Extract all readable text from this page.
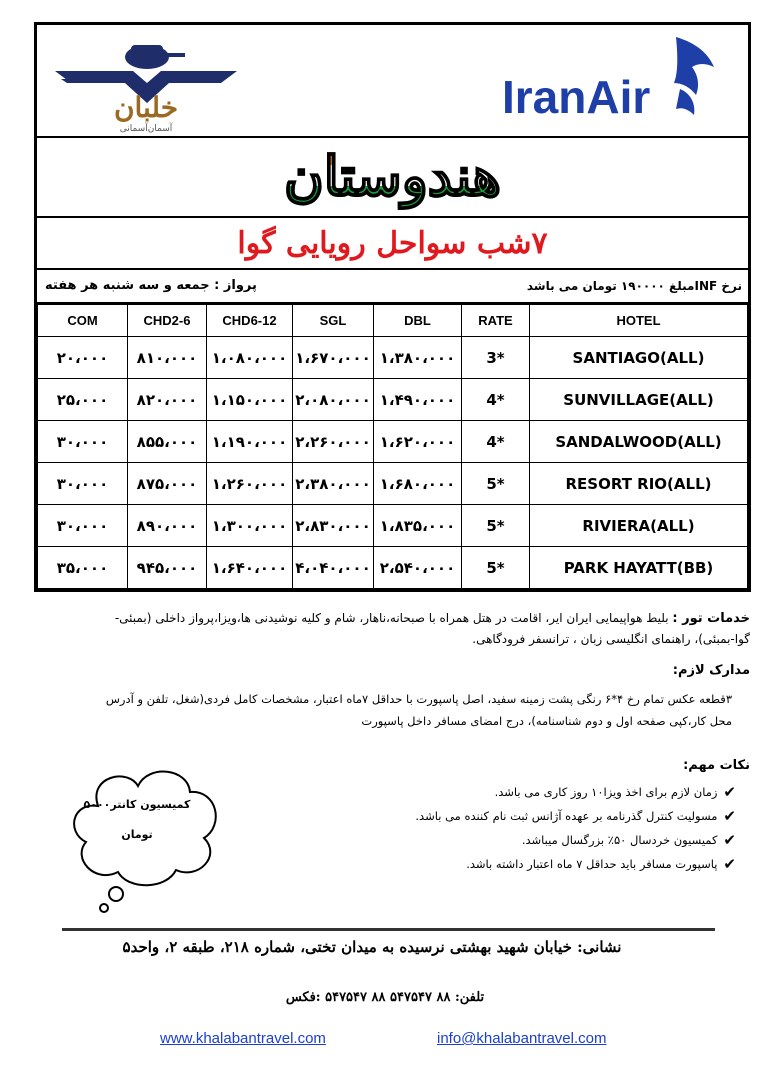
خلبان
آسمان‌آسمانی
IranAir
هندوستان
۷شب سواحل رویایی گوا
نرخ INFمبلغ ۱۹۰۰۰۰ تومان می باشد
پرواز : جمعه و سه شنبه هر هفته
COM	CHD2-6	CHD6-12	SGL	DBL	RATE	HOTEL
۲۰،۰۰۰	۸۱۰،۰۰۰	۱،۰۸۰،۰۰۰	۱،۶۷۰،۰۰۰	۱،۳۸۰،۰۰۰	3*	SANTIAGO(ALL)
۲۵،۰۰۰	۸۲۰،۰۰۰	۱،۱۵۰،۰۰۰	۲،۰۸۰،۰۰۰	۱،۴۹۰،۰۰۰	4*	SUNVILLAGE(ALL)
۳۰،۰۰۰	۸۵۵،۰۰۰	۱،۱۹۰،۰۰۰	۲،۲۶۰،۰۰۰	۱،۶۲۰،۰۰۰	4*	SANDALWOOD(ALL)
۳۰،۰۰۰	۸۷۵،۰۰۰	۱،۲۶۰،۰۰۰	۲،۳۸۰،۰۰۰	۱،۶۸۰،۰۰۰	5*	RESORT RIO(ALL)
۳۰،۰۰۰	۸۹۰،۰۰۰	۱،۳۰۰،۰۰۰	۲،۸۳۰،۰۰۰	۱،۸۳۵،۰۰۰	5*	RIVIERA(ALL)
۳۵،۰۰۰	۹۴۵،۰۰۰	۱،۶۴۰،۰۰۰	۴،۰۴۰،۰۰۰	۲،۵۴۰،۰۰۰	5*	PARK HAYATT(BB)
خدمات تور : بلیط هواپیمایی ایران ایر، اقامت در هتل همراه با صبحانه،ناهار، شام و کلیه نوشیدنی ها،ویزا،پرواز داخلی (بمبئی- گوا-بمبئی)، راهنمای انگلیسی زبان ، ترانسفر فرودگاهی.
مدارک لازم:
۳قطعه عکس تمام رخ ۴*۶ رنگی پشت زمینه سفید، اصل پاسپورت با حداقل ۷ماه اعتبار، مشخصات کامل فردی(شغل، تلفن و آدرس محل کار،کپی صفحه اول و دوم شناسنامه)، درج امضای مسافر داخل پاسپورت
نکات مهم:
✔
زمان لازم برای اخذ ویزا۱۰ روز کاری می باشد.
✔
مسولیت کنترل گذرنامه بر عهده آژانس ثبت نام کننده می باشد.
✔
کمیسیون خردسال ۵۰٪ بزرگسال میباشد.
✔
پاسپورت مسافر باید حداقل ۷ ماه اعتبار داشته باشد.
کمیسیون کانتر۵۰۰۰
تومان
نشانی: خیابان شهید بهشتی نرسیده به میدان تختی، شماره ۲۱۸، طبقه ۲، واحد۵
تلفن: ۸۸ ۵۴۷۵۴۷ ۸۸ ۵۴۷۵۴۷ :فکس
www.khalabantravel.com	info@khalabantravel.com
